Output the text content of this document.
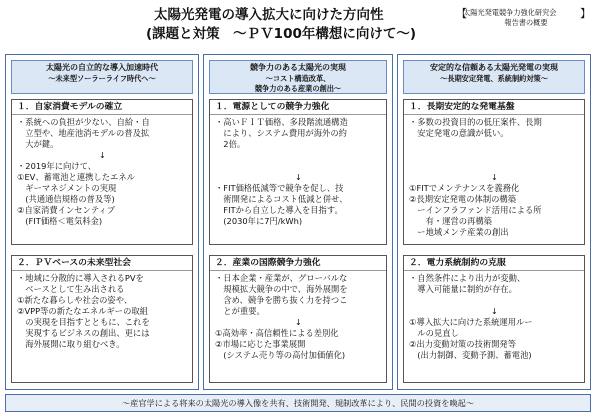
太陽光発電の導入拡大に向けた方向性
(課題と対策　～ＰＶ100年構想に向けて～)
【
太陽光発電競争力強化研究会
報告書の概要
】
太陽光の自立的な導入加速時代
～未来型ソーラーライフ時代へ～
１．自家消費モデルの確立
・系統への負担が少ない、自給・自
　立型や、地産池消モデルの普及拡
　大が鍵。
↓
・2019年に向けて、
①EV、蓄電池と連携したエネル
　ギーマネジメントの実現
　(共通通信規格の普及等)
②自家消費インセンティブ
　(FIT価格＜電気料金)
２．ＰＶベースの未来型社会
・地域に分散的に導入されるPVを
　ベースとして生み出される
①新たな暮らしや社会の姿や、
②VPP等の新たなエネルギーの取組
　の実現を目指すとともに、これを
　実現するビジネスの創出、更には
　海外展開に取り組むべき。
競争力のある太陽光の実現
～コスト構造改革、
競争力のある産業の創出～
１．電源としての競争力強化
・高いＦＩＴ価格、多段階流通構造
　により、システム費用が海外の約
　2倍。

↓
・FIT価格低減等で競争を促し、技
　術開発によるコスト低減と併せ、
　FITから自立した導入を目指す。
　(2030年に7円/kWh)
２．産業の国際競争力強化
・日本企業・産業が、グローバルな
　規模拡大競争の中で、海外展開を
　含め、競争を勝ち抜く力を持つこ
　とが重要。
↓
①高効率・高信頼性による差別化
②市場に応じた事業展開
　(システム売り等の高付加価値化)
安定的な信頼ある太陽光発電の実現
～長期安定発電、系統制約対策～
１．長期安定的な発電基盤
・多数の投資目的の低圧案件、長期
　安定発電の意識が低い。

↓
①FITでメンテナンスを義務化
②長期安定発電の体制の構築
　ーインフラファンド活用による所
　　有・運営の再構築
　ー地域メンテ産業の創出
２．電力系統制約の克服
・自然条件により出力が変動、
　導入可能量に制約が存在。

↓
①導入拡大に向けた系統運用ルー
　ルの見直し
②出力変動対策の技術開発等
　(出力制御、変動予測、蓄電池)
～産官学による将来の太陽光の導入像を共有、技術開発、規制改革により、民間の投資を喚起～
